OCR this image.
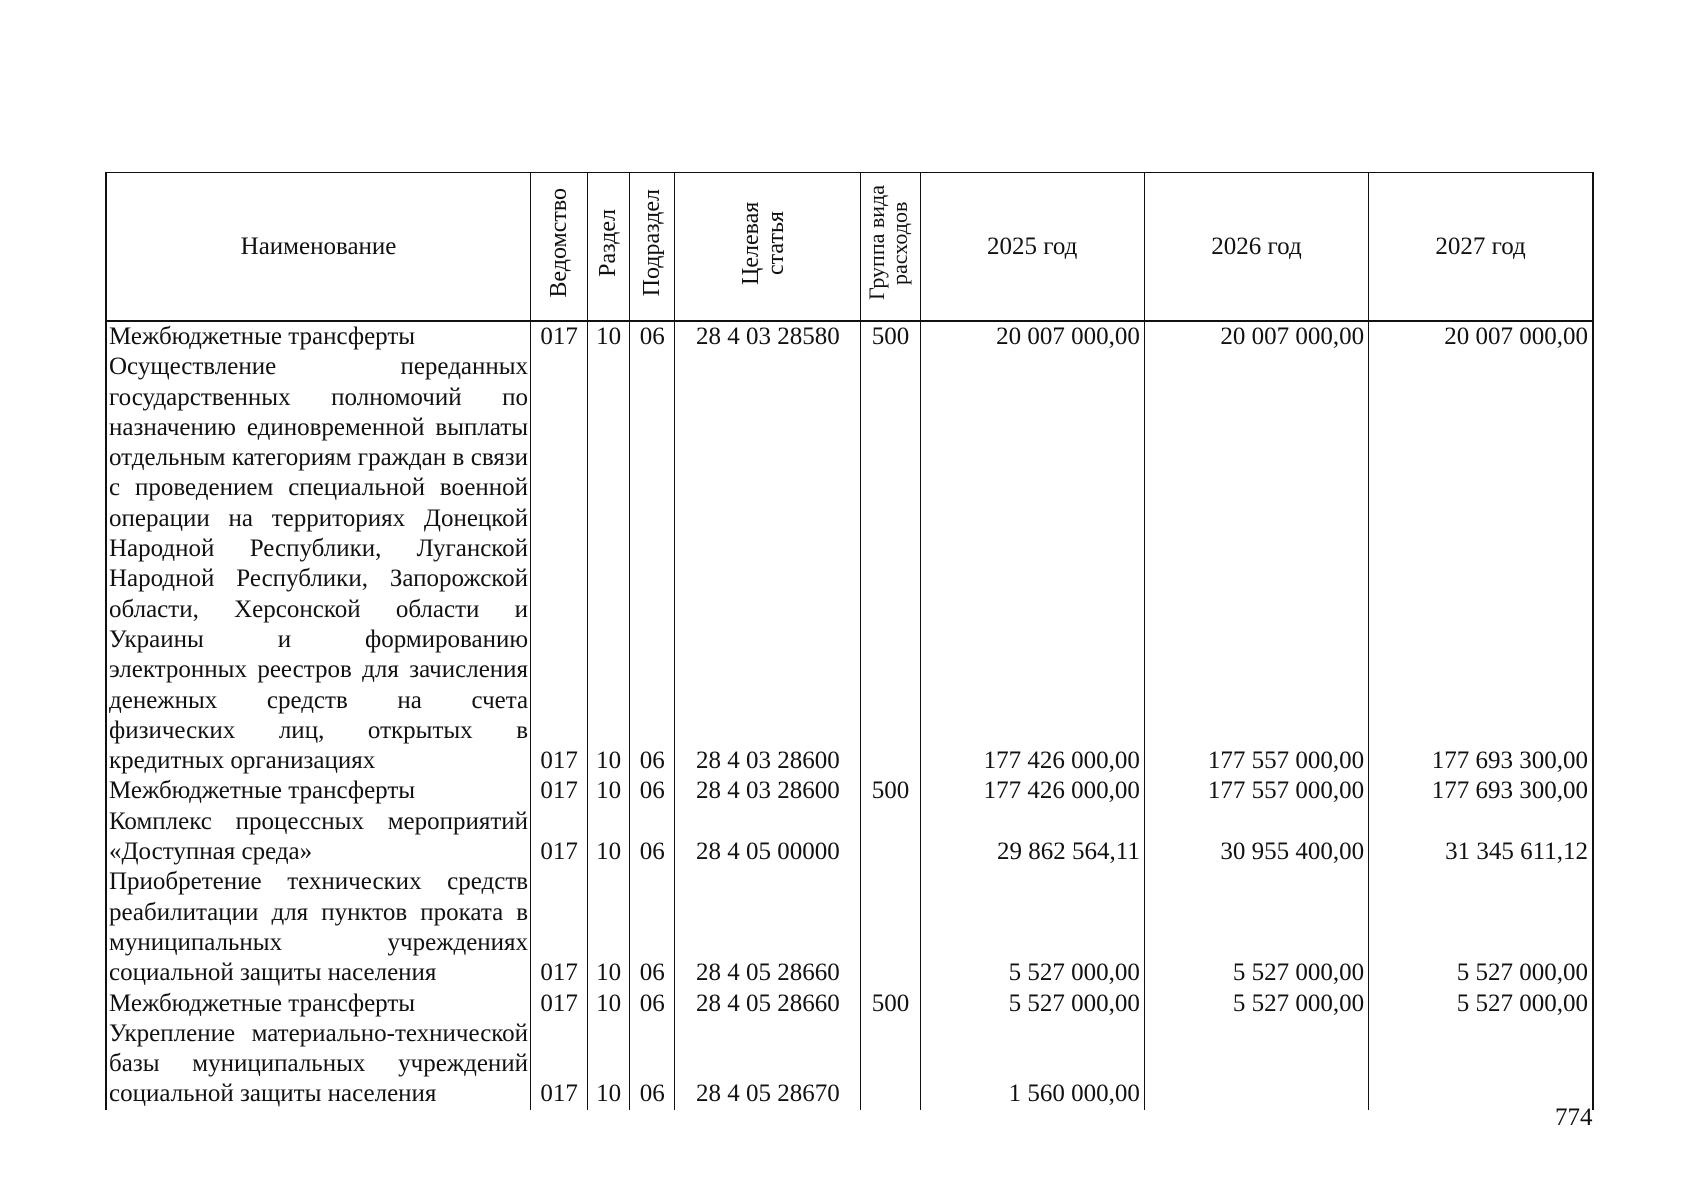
Наименование	Ведомство	Раздел	Подраздел	Целевая статья	Группа вида расходов	2025 год	2026 год	2027 год
Межбюджетные трансферты	017	10	06	28 4 03 28580	500	20 007 000,00	20 007 000,00	20 007 000,00
Осуществление переданных государственных полномочий по назначению единовременной выплаты отдельным категориям граждан в связи с проведением специальной военной операции на территориях Донецкой Народной Республики, Луганской Народной Республики, Запорожской области, Херсонской области и Украины и формированию электронных реестров для зачисления денежных средств на счета физических лиц, открытых в кредитных организациях	017	10	06	28 4 03 28600		177 426 000,00	177 557 000,00	177 693 300,00
Межбюджетные трансферты	017	10	06	28 4 03 28600	500	177 426 000,00	177 557 000,00	177 693 300,00
Комплекс процессных мероприятий «Доступная среда»	017	10	06	28 4 05 00000		29 862 564,11	30 955 400,00	31 345 611,12
Приобретение технических средств реабилитации для пунктов проката в муниципальных учреждениях социальной защиты населения	017	10	06	28 4 05 28660		5 527 000,00	5 527 000,00	5 527 000,00
Межбюджетные трансферты	017	10	06	28 4 05 28660	500	5 527 000,00	5 527 000,00	5 527 000,00
Укрепление материально-технической базы муниципальных учреждений социальной защиты населения	017	10	06	28 4 05 28670		1 560 000,00		
774
